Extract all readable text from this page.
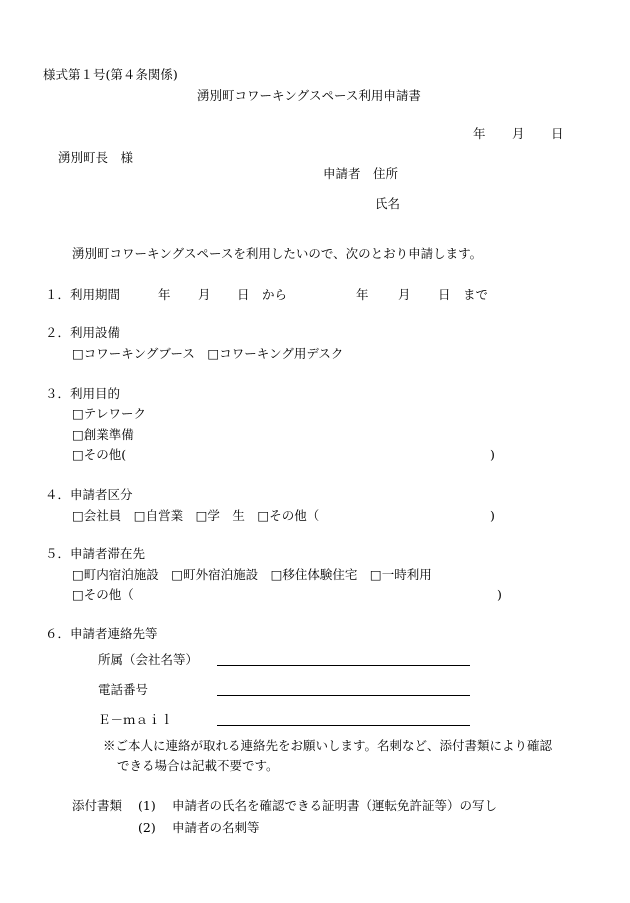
様式第１号(第４条関係)
湧別町コワーキングスペース利用申請書
年 月 日
湧別町長　様
申請者　住所
氏名
湧別町コワーキングスペースを利用したいので、次のとおり申請します。
１．利用期間	年 月 日　から	年 月 日　まで
２．利用設備
□コワーキングブース　□コワーキング用デスク
３．利用目的
□テレワーク
□創業準備
□その他(	)
４．申請者区分
□会社員　□自営業　□学　生　□その他（	)
５．申請者滞在先
□町内宿泊施設　□町外宿泊施設　□移住体験住宅　□一時利用
□その他（	)
６．申請者連絡先等
所属（会社名等）
電話番号
Ｅ－ｍａｉｌ
※ご本人に連絡が取れる連絡先をお願いします。名刺など、添付書類により確認
できる場合は記載不要です。
添付書類 (1) 申請者の氏名を確認できる証明書（運転免許証等）の写し
(2) 申請者の名刺等
